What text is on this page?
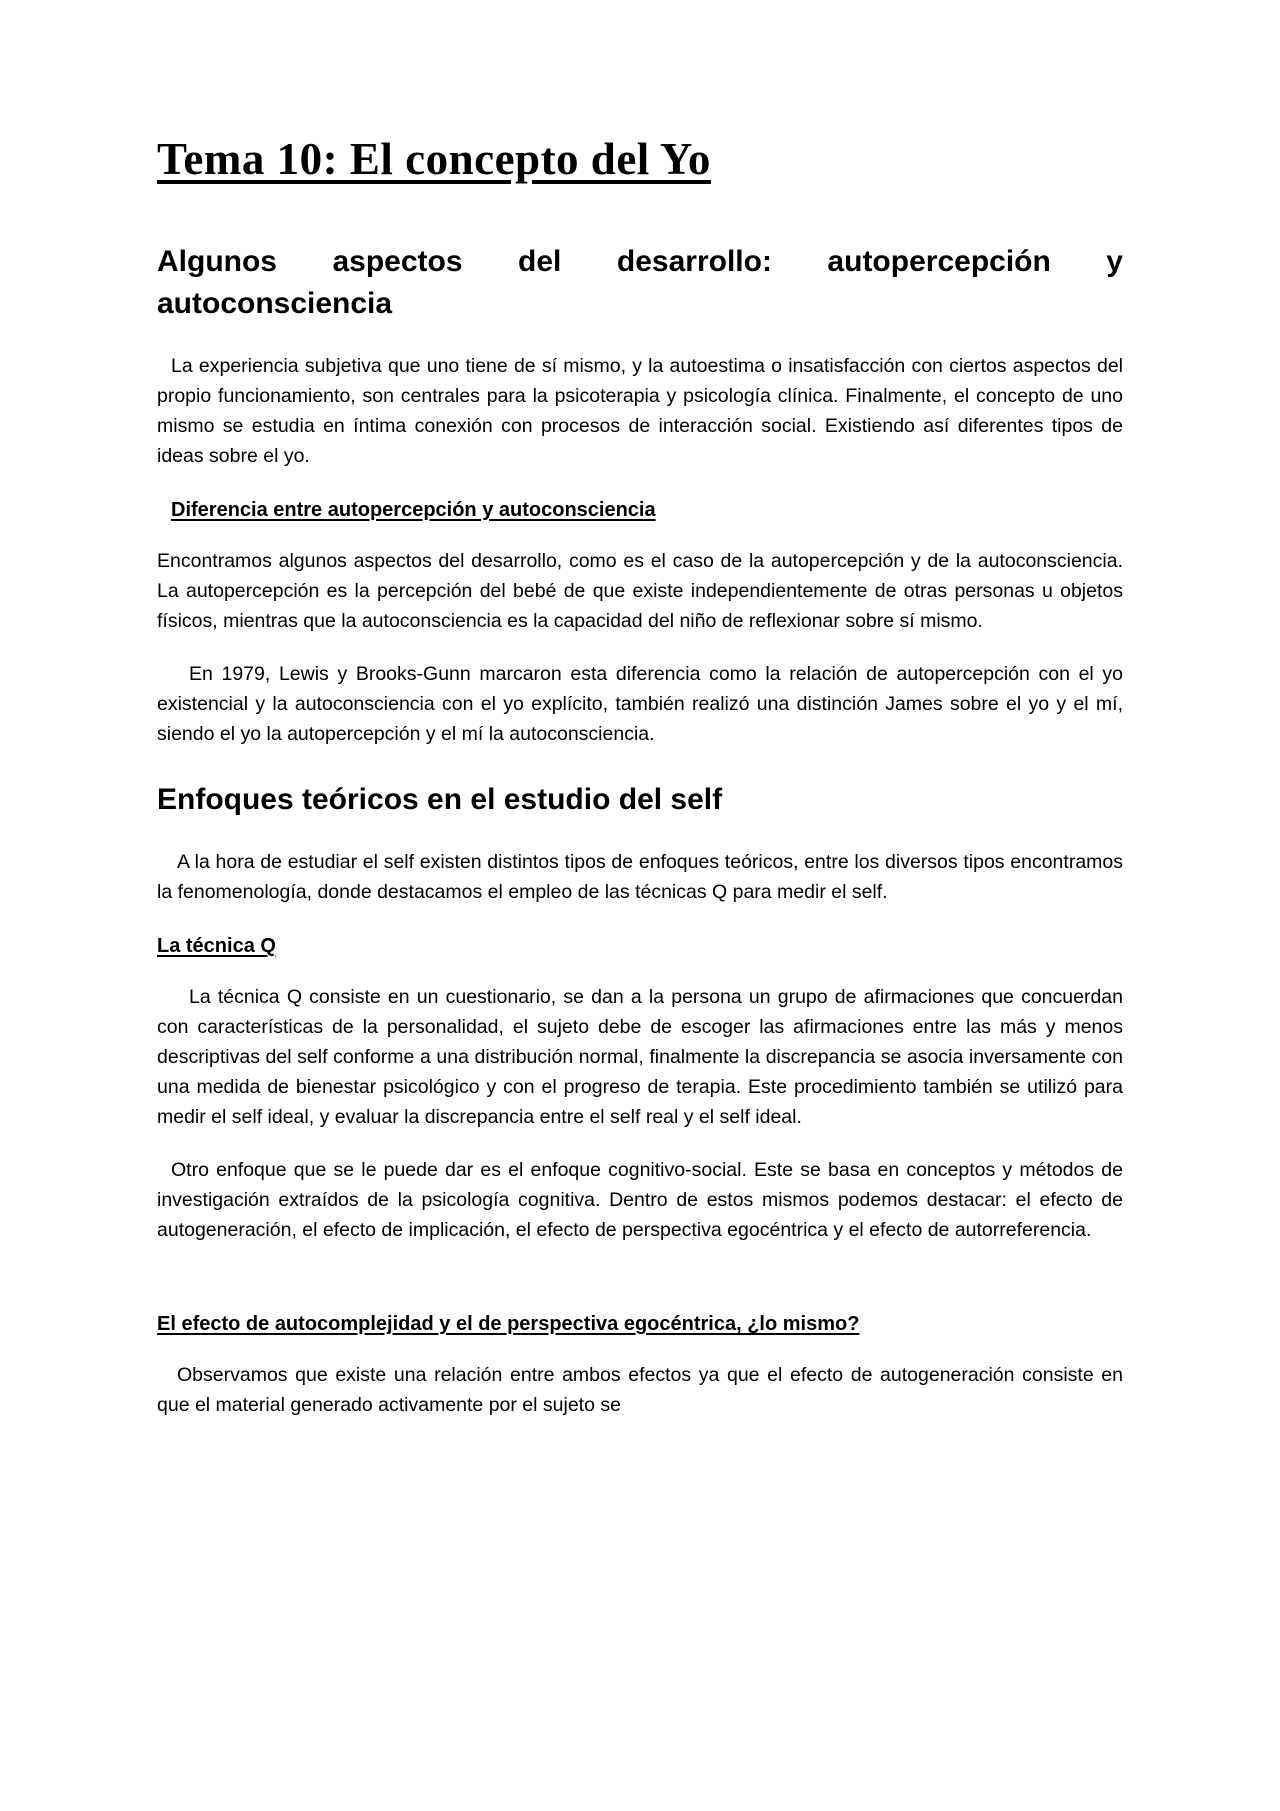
Tema 10: El concepto del Yo
Algunos aspectos del desarrollo: autopercepción y autoconsciencia

La experiencia subjetiva que uno tiene de sí mismo, y la autoestima o insatisfacción con ciertos aspectos del propio funcionamiento, son centrales para la psicoterapia y psicología clínica. Finalmente, el concepto de uno mismo se estudia en íntima conexión con procesos de interacción social. Existiendo así diferentes tipos de ideas sobre el yo.

Diferencia entre autopercepción y autoconsciencia

Encontramos algunos aspectos del desarrollo, como es el caso de la autopercepción y de la autoconsciencia. La autopercepción es la percepción del bebé de que existe independientemente de otras personas u objetos físicos, mientras que la autoconsciencia es la capacidad del niño de reflexionar sobre sí mismo.

En 1979, Lewis y Brooks-Gunn marcaron esta diferencia como la relación de autopercepción con el yo existencial y la autoconsciencia con el yo explícito, también realizó una distinción James sobre el yo y el mí, siendo el yo la autopercepción y el mí la autoconsciencia.

Enfoques teóricos en el estudio del self

A la hora de estudiar el self existen distintos tipos de enfoques teóricos, entre los diversos tipos encontramos la fenomenología, donde destacamos el empleo de las técnicas Q para medir el self.

La técnica Q

La técnica Q consiste en un cuestionario, se dan a la persona un grupo de afirmaciones que concuerdan con características de la personalidad, el sujeto debe de escoger las afirmaciones entre las más y menos descriptivas del self conforme a una distribución normal, finalmente la discrepancia se asocia inversamente con una medida de bienestar psicológico y con el progreso de terapia. Este procedimiento también se utilizó para medir el self ideal, y evaluar la discrepancia entre el self real y el self ideal.

Otro enfoque que se le puede dar es el enfoque cognitivo-social. Este se basa en conceptos y métodos de investigación extraídos de la psicología cognitiva. Dentro de estos mismos podemos destacar: el efecto de autogeneración, el efecto de implicación, el efecto de perspectiva egocéntrica y el efecto de autorreferencia.

El efecto de autocomplejidad y el de perspectiva egocéntrica, ¿lo mismo?

Observamos que existe una relación entre ambos efectos ya que el efecto de autogeneración consiste en que el material generado activamente por el sujeto se
